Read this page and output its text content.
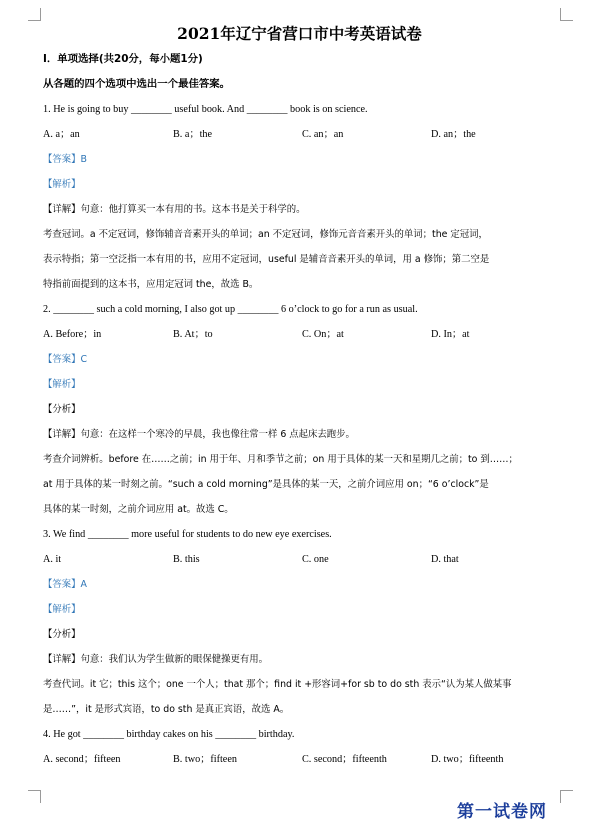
2021年辽宁省营口市中考英语试卷
I．单项选择(共20分，每小题1分)
从各题的四个选项中选出一个最佳答案。
1. He is going to buy ________ useful book. And ________ book is on science.
A. a；an	B. a；the	C. an；an	D. an；the
【答案】B
【解析】
【详解】句意：他打算买一本有用的书。这本书是关于科学的。
考查冠词。a 不定冠词，修饰辅音音素开头的单词；an 不定冠词，修饰元音音素开头的单词；the 定冠词，
表示特指；第一空泛指一本有用的书，应用不定冠词，useful 是辅音音素开头的单词，用 a 修饰；第二空是
特指前面提到的这本书，应用定冠词 the，故选 B。
2. ________ such a cold morning, I also got up ________ 6 o’clock to go for a run as usual.
A. Before；in	B. At；to	C. On；at	D. In；at
【答案】C
【解析】
【分析】
【详解】句意：在这样一个寒冷的早晨，我也像往常一样 6 点起床去跑步。
考查介词辨析。before 在……之前；in 用于年、月和季节之前；on 用于具体的某一天和星期几之前；to 到……；
at 用于具体的某一时刻之前。“such a cold morning”是具体的某一天，之前介词应用 on；“6 o’clock”是
具体的某一时刻，之前介词应用 at。故选 C。
3. We find ________ more useful for students to do new eye exercises.
A. it	B. this	C. one	D. that
【答案】A
【解析】
【分析】
【详解】句意：我们认为学生做新的眼保健操更有用。
考查代词。it 它；this 这个；one 一个人；that 那个；find it +形容词+for sb to do sth 表示“认为某人做某事
是……”，it 是形式宾语，to do sth 是真正宾语，故选 A。
4. He got ________ birthday cakes on his ________ birthday.
A. second；fifteen	B. two；fifteen	C. second；fifteenth	D. two；fifteenth
第一试卷网
